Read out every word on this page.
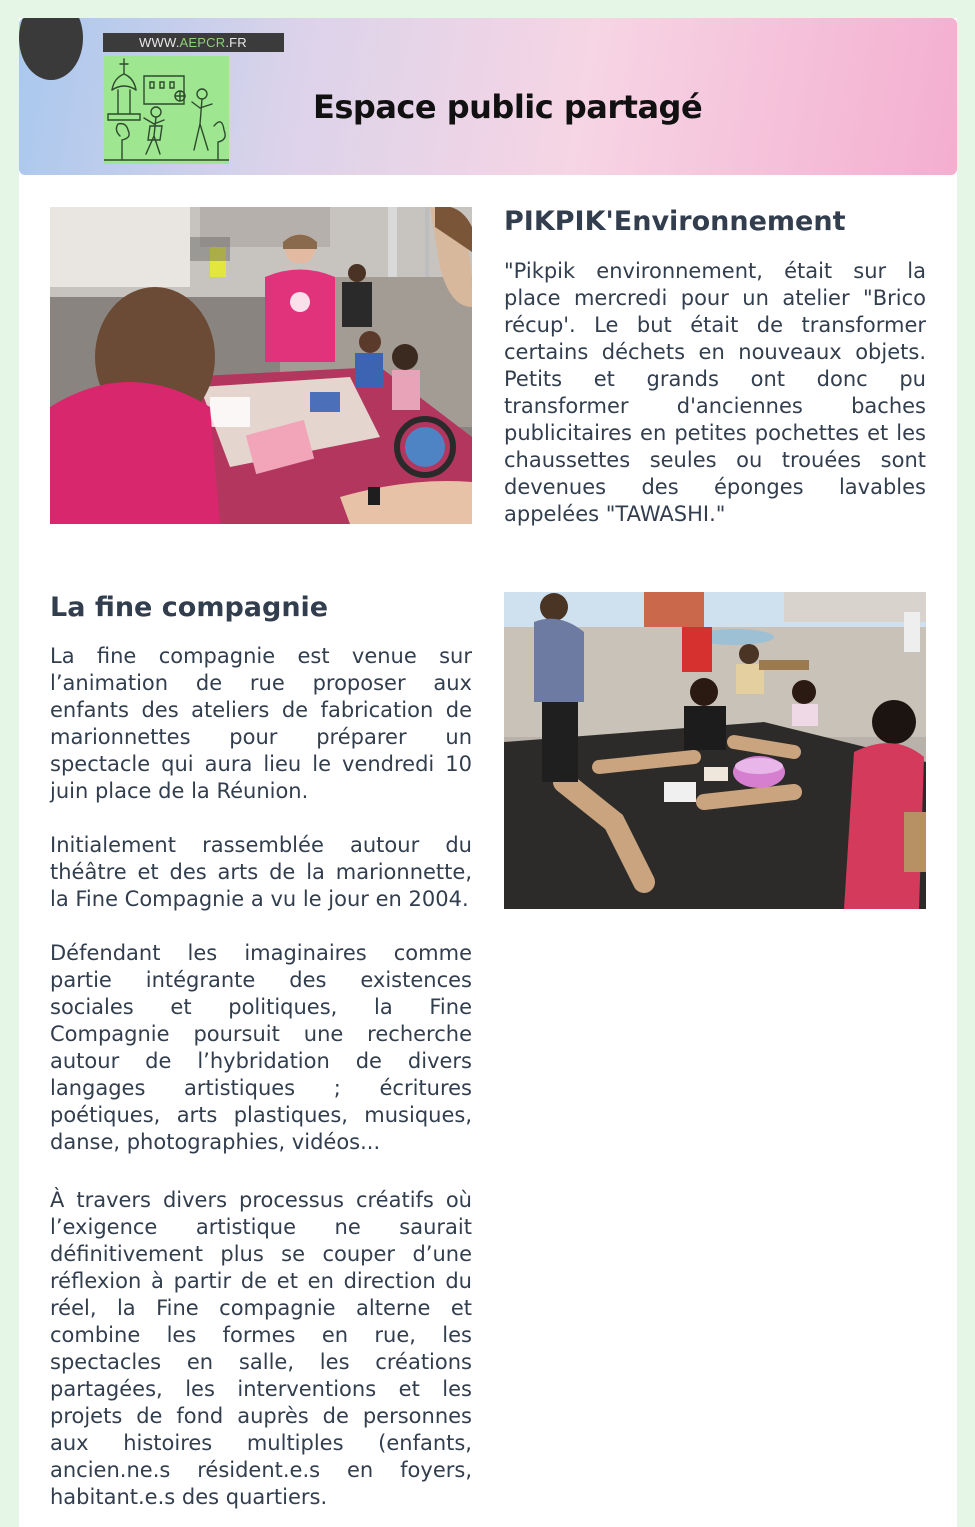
WWW.AEPCR.FR
Espace public partagé
PIKPIK'Environnement
"Pikpik environnement, était sur la place mercredi pour un atelier "Brico récup'. Le but était de transformer certains déchets en nouveaux objets. Petits et grands ont donc pu transformer d'anciennes baches publicitaires en petites pochettes et les chaussettes seules ou trouées sont devenues des éponges lavables appelées "TAWASHI."
La fine compagnie
La fine compagnie est venue sur l’animation de rue proposer aux enfants des ateliers de fabrication de marionnettes pour préparer un spectacle qui aura lieu le vendredi 10 juin place de la Réunion.
Initialement rassemblée autour du théâtre et des arts de la marionnette, la Fine Compagnie a vu le jour en 2004.
Défendant les imaginaires comme partie intégrante des existences sociales et politiques, la Fine Compagnie poursuit une recherche autour de l’hybridation de divers langages artistiques ; écritures poétiques, arts plastiques, musiques, danse, photographies, vidéos...
À travers divers processus créatifs où l’exigence artistique ne saurait définitivement plus se couper d’une réflexion à partir de et en direction du réel, la Fine compagnie alterne et combine les formes en rue, les spectacles en salle, les créations partagées, les interventions et les projets de fond auprès de personnes aux histoires multiples (enfants, ancien.ne.s résident.e.s en foyers, habitant.e.s des quartiers.
